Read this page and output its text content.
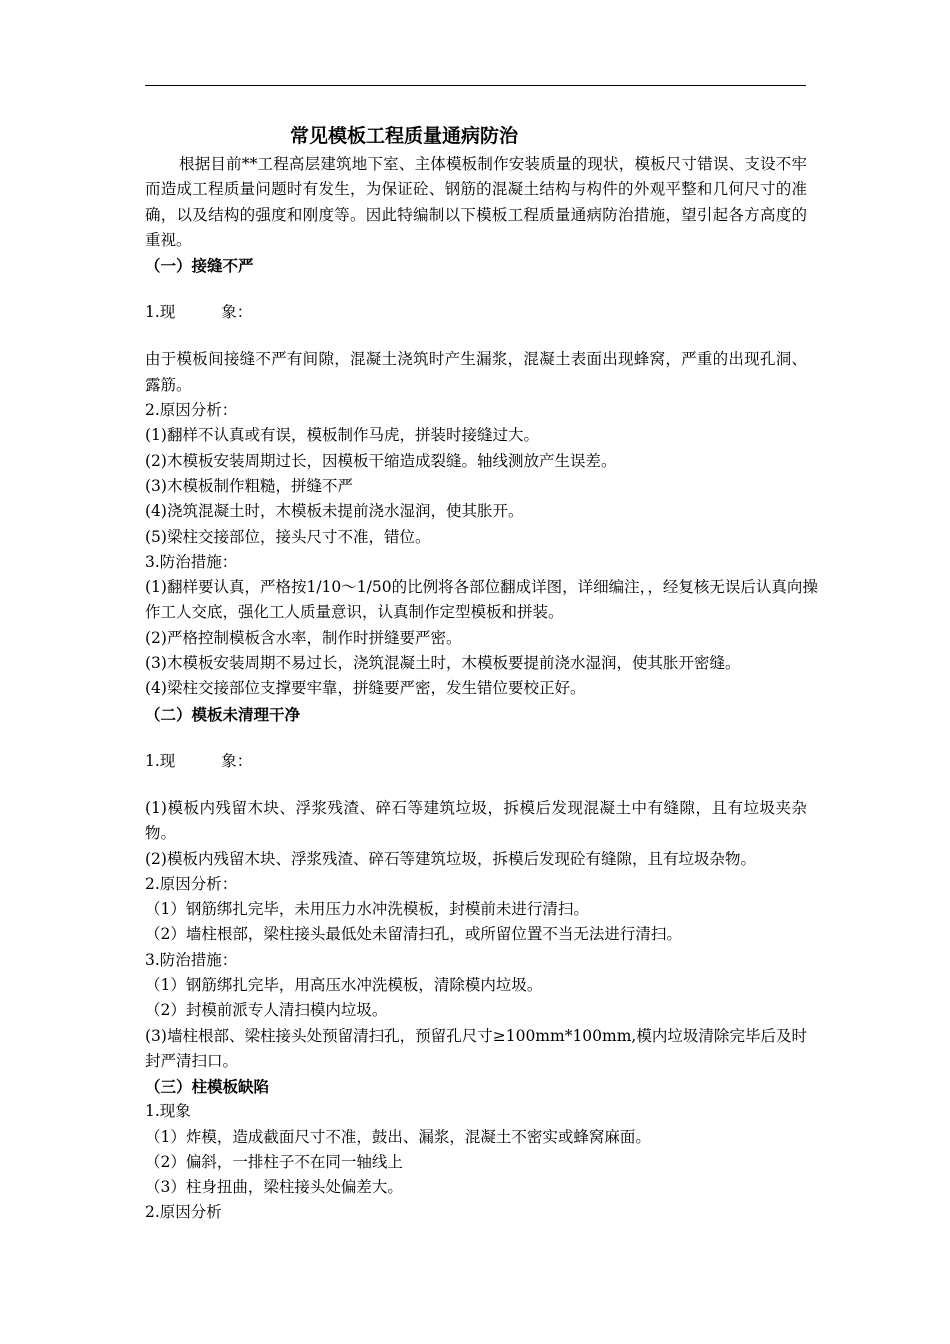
常见模板工程质量通病防治

根据目前**工程高层建筑地下室、主体模板制作安装质量的现状，模板尺寸错误、支设不牢而造成工程质量问题时有发生，为保证砼、钢筋的混凝土结构与构件的外观平整和几何尺寸的准确，以及结构的强度和刚度等。因此特编制以下模板工程质量通病防治措施，望引起各方高度的重视。

（一）接缝不严

1.现	象：

由于模板间接缝不严有间隙，混凝土浇筑时产生漏浆，混凝土表面出现蜂窝，严重的出现孔洞、露筋。

2.原因分析：

(1)翻样不认真或有误，模板制作马虎，拼装时接缝过大。

(2)木模板安装周期过长，因模板干缩造成裂缝。轴线测放产生误差。

(3)木模板制作粗糙，拼缝不严

(4)浇筑混凝土时，木模板未提前浇水湿润，使其胀开。

(5)梁柱交接部位，接头尺寸不准，错位。

3.防治措施：

(1)翻样要认真，严格按1/10～1/50的比例将各部位翻成详图，详细编注，，经复核无误后认真向操作工人交底，强化工人质量意识，认真制作定型模板和拼装。

(2)严格控制模板含水率，制作时拼缝要严密。

(3)木模板安装周期不易过长，浇筑混凝土时，木模板要提前浇水湿润，使其胀开密缝。

(4)梁柱交接部位支撑要牢靠，拼缝要严密，发生错位要校正好。

（二）模板未清理干净

1.现	象：

(1)模板内残留木块、浮浆残渣、碎石等建筑垃圾，拆模后发现混凝土中有缝隙，且有垃圾夹杂物。

(2)模板内残留木块、浮浆残渣、碎石等建筑垃圾，拆模后发现砼有缝隙，且有垃圾杂物。

2.原因分析：

（1）钢筋绑扎完毕，未用压力水冲洗模板，封模前未进行清扫。

（2）墙柱根部，梁柱接头最低处未留清扫孔，或所留位置不当无法进行清扫。

3.防治措施：

（1）钢筋绑扎完毕，用高压水冲洗模板，清除模内垃圾。

（2）封模前派专人清扫模内垃圾。

(3)墙柱根部、梁柱接头处预留清扫孔，预留孔尺寸≥100mm*100mm,模内垃圾清除完毕后及时封严清扫口。

（三）柱模板缺陷

1.现象

（1）炸模，造成截面尺寸不准，鼓出、漏浆，混凝土不密实或蜂窝麻面。

（2）偏斜，一排柱子不在同一轴线上

（3）柱身扭曲，梁柱接头处偏差大。

2.原因分析
